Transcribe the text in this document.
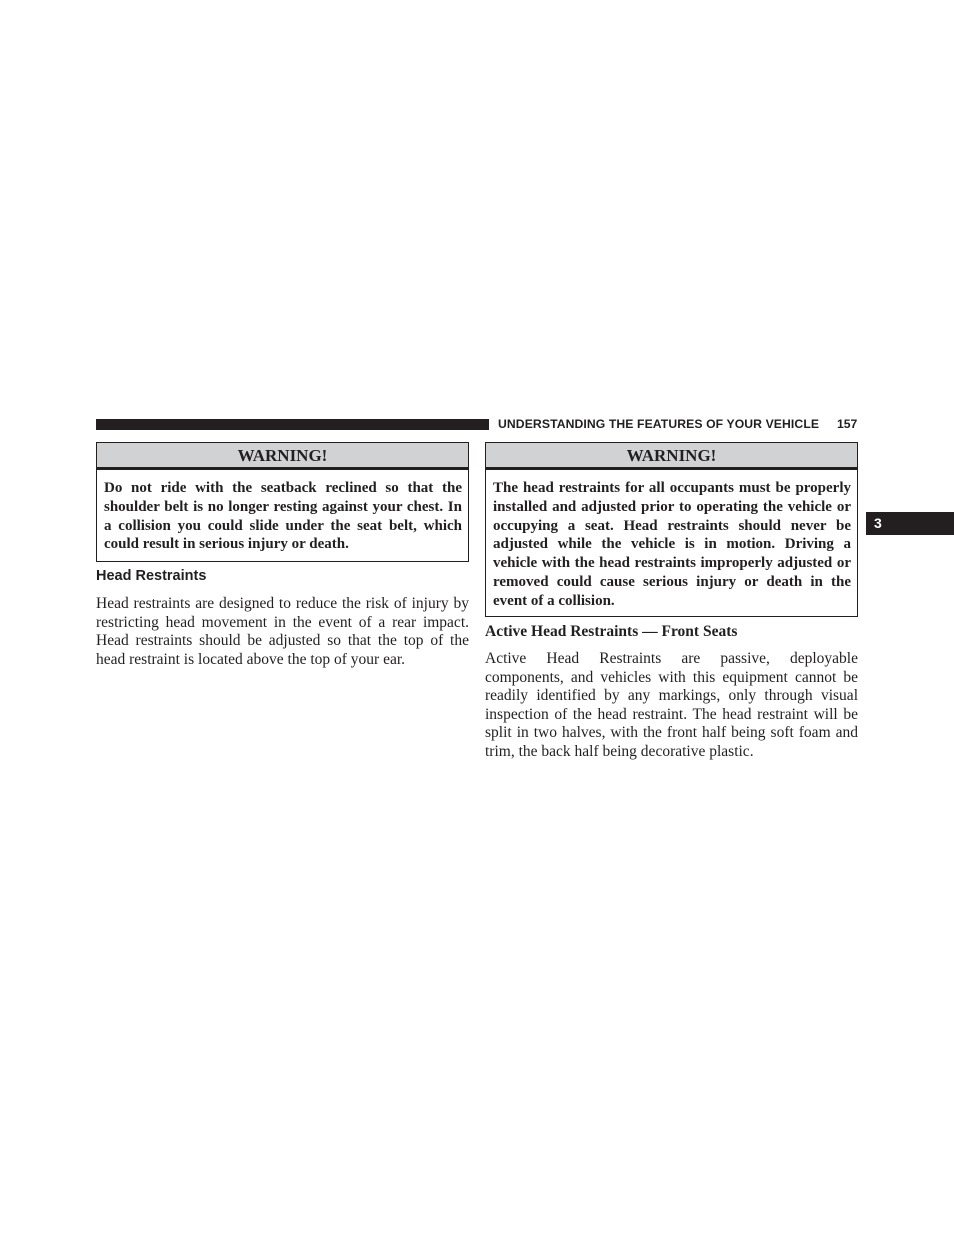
UNDERSTANDING THE FEATURES OF YOUR VEHICLE 157
3
WARNING!
Do not ride with the seatback reclined so that the shoulder belt is no longer resting against your chest. In a collision you could slide under the seat belt, which could result in serious injury or death.
Head Restraints
Head restraints are designed to reduce the risk of injury by restricting head movement in the event of a rear impact. Head restraints should be adjusted so that the top of the head restraint is located above the top of your ear.
WARNING!
The head restraints for all occupants must be properly installed and adjusted prior to operating the vehicle or occupying a seat. Head restraints should never be adjusted while the vehicle is in motion. Driving a vehicle with the head restraints improperly adjusted or removed could cause serious injury or death in the event of a collision.
Active Head Restraints — Front Seats
Active Head Restraints are passive, deployable components, and vehicles with this equipment cannot be readily identified by any markings, only through visual inspection of the head restraint. The head restraint will be split in two halves, with the front half being soft foam and trim, the back half being decorative plastic.
